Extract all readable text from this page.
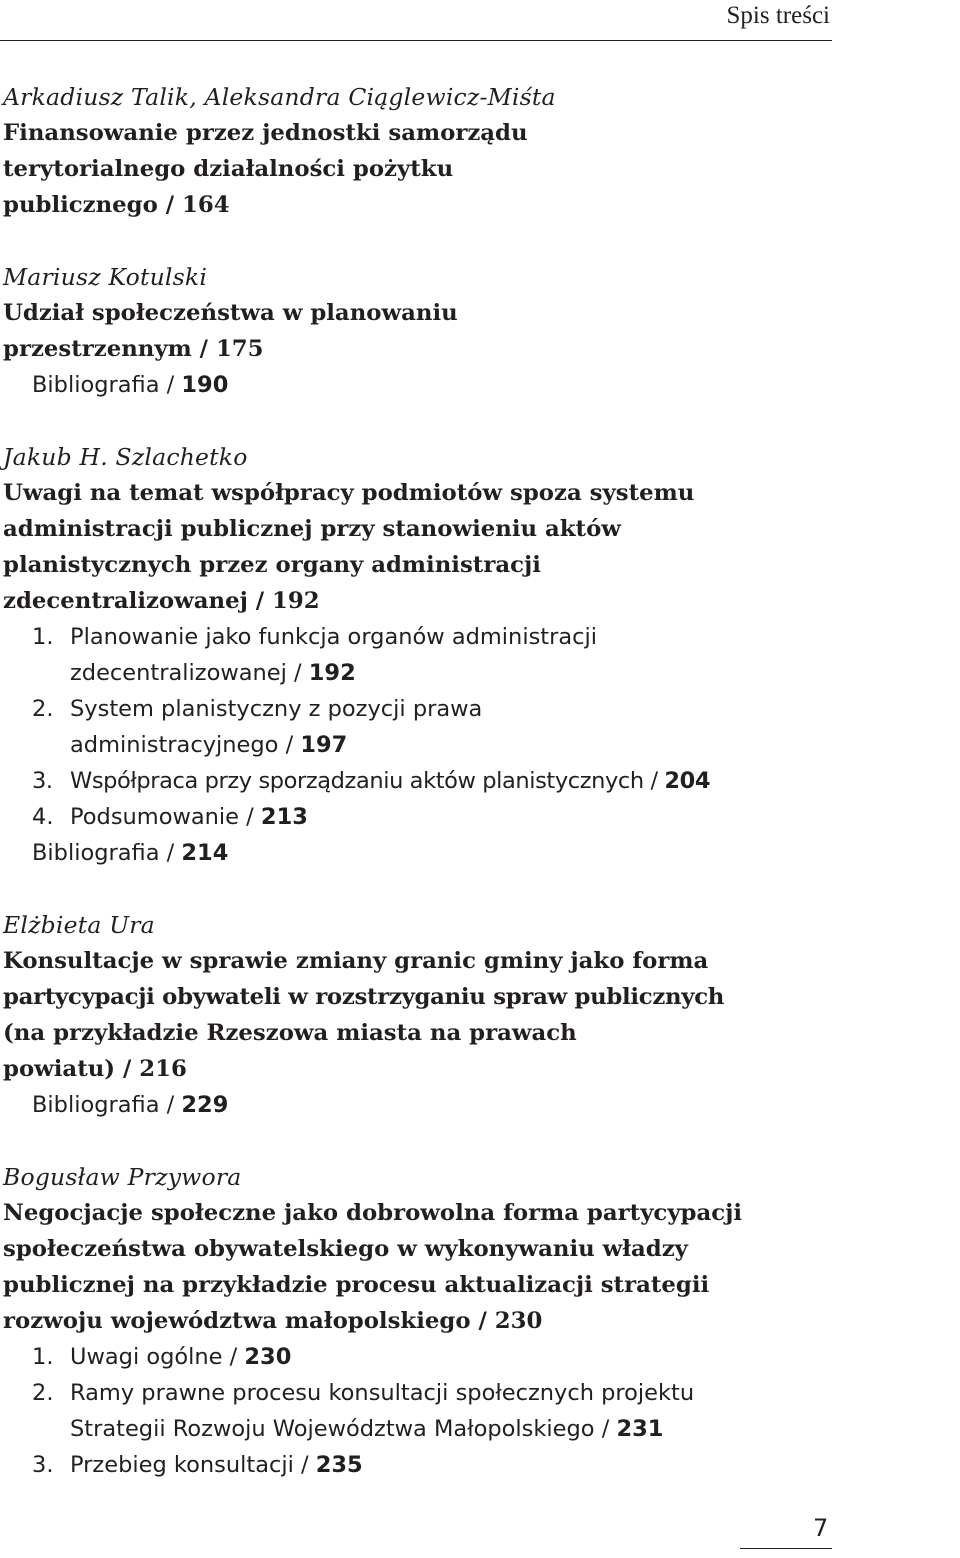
Spis treści
Arkadiusz Talik, Aleksandra Ciąglewicz-Miśta
Finansowanie przez jednostki samorządu
terytorialnego działalności pożytku
publicznego / 164
Mariusz Kotulski
Udział społeczeństwa w planowaniu
przestrzennym / 175
Bibliografia / 190
Jakub H. Szlachetko
Uwagi na temat współpracy podmiotów spoza systemu
administracji publicznej przy stanowieniu aktów
planistycznych przez organy administracji
zdecentralizowanej / 192
1. Planowanie jako funkcja organów administracji
zdecentralizowanej / 192
2. System planistyczny z pozycji prawa
administracyjnego / 197
3. Współpraca przy sporządzaniu aktów planistycznych / 204
4. Podsumowanie / 213
Bibliografia / 214
Elżbieta Ura
Konsultacje w sprawie zmiany granic gminy jako forma
partycypacji obywateli w rozstrzyganiu spraw publicznych
(na przykładzie Rzeszowa miasta na prawach
powiatu) / 216
Bibliografia / 229
Bogusław Przywora
Negocjacje społeczne jako dobrowolna forma partycypacji
społeczeństwa obywatelskiego w wykonywaniu władzy
publicznej na przykładzie procesu aktualizacji strategii
rozwoju województwa małopolskiego / 230
1. Uwagi ogólne / 230
2. Ramy prawne procesu konsultacji społecznych projektu
Strategii Rozwoju Województwa Małopolskiego / 231
3. Przebieg konsultacji / 235
7
